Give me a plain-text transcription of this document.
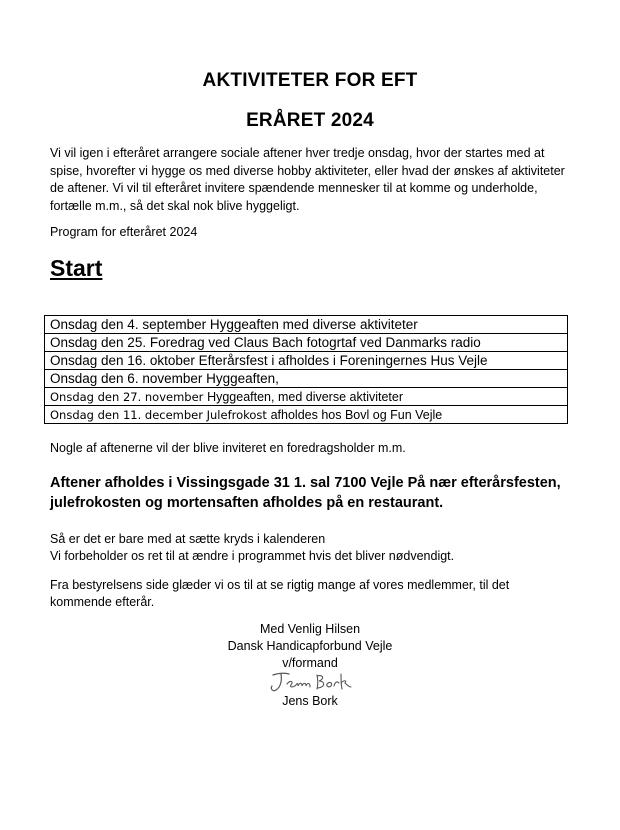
AKTIVITETER FOR EFT
ERÅRET 2024
Vi vil igen i efteråret arrangere sociale aftener hver tredje onsdag, hvor der startes med at spise, hvorefter vi hygge os med diverse hobby aktiviteter, eller hvad der ønskes af aktiviteter de aftener. Vi vil til efteråret invitere spændende mennesker til at komme og underholde, fortælle m.m., så det skal nok blive hyggeligt.
Program for efteråret 2024
Start
Onsdag den 4. september Hyggeaften med diverse aktiviteter
Onsdag den 25. Foredrag ved Claus Bach fotogrtaf ved Danmarks radio
Onsdag den 16. oktober Efterårsfest i afholdes i Foreningernes Hus Vejle
Onsdag den 6. november Hyggeaften,
Onsdag den 27. november Hyggeaften, med diverse aktiviteter
Onsdag den 11. december Julefrokost afholdes hos Bovl og Fun Vejle
Nogle af aftenerne vil der blive inviteret en foredragsholder m.m.
Aftener afholdes i Vissingsgade 31 1. sal 7100 Vejle På nær efterårsfesten, julefrokosten og mortensaften afholdes på en restaurant.
Så er det er bare med at sætte kryds i kalenderen
Vi forbeholder os ret til at ændre i programmet hvis det bliver nødvendigt.
Fra bestyrelsens side glæder vi os til at se rigtig mange af vores medlemmer, til det kommende efterår.
Med Venlig Hilsen
Dansk Handicapforbund Vejle
v/formand
Jens Bork
